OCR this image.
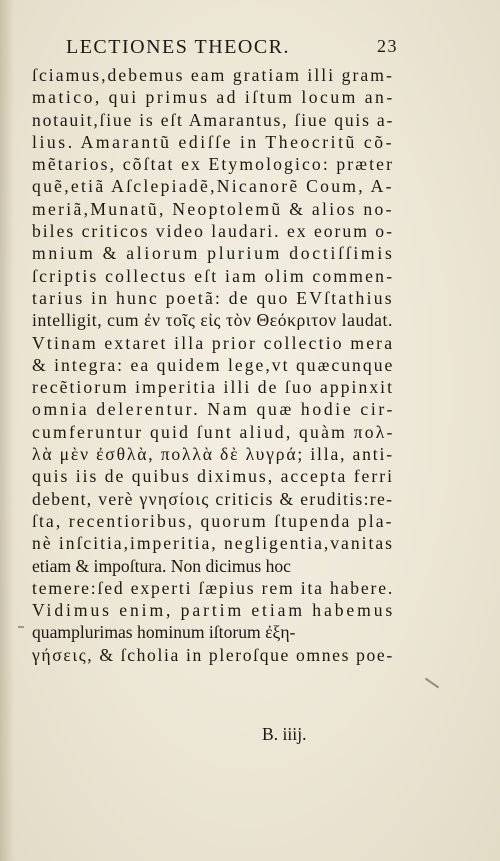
LECTIONES THEOCR.	23
ſciamus,debemus eam gratiam illi gram-
matico, qui primus ad iſtum locum an-
notauit,ſiue is eſt Amarantus, ſiue quis a-
lius. Amarantũ ediſſe in Theocritũ cõ-
mẽtarios, cõſtat ex Etymologico: præter
quẽ,etiã Aſclepiadẽ,Nicanorẽ Coum, A-
meriã,Munatũ, Neoptolemũ & alios no-
biles criticos video laudari. ex eorum o-
mnium & aliorum plurium doctiſſimis
ſcriptis collectus eſt iam olim commen-
tarius in hunc poetã: de quo EVſtathius
intelligit, cum ἐν τοῖς εἰς τὸν Θεόκριτον laudat.
Vtinam extaret illa prior collectio mera
& integra: ea quidem lege,vt quæcunque
recẽtiorum imperitia illi de ſuo appinxit
omnia delerentur. Nam quæ hodie cir-
cumferuntur quid ſunt aliud, quàm πολ-
λὰ μὲν ἐσθλὰ, πολλὰ δὲ λυγρά; illa, anti-
quis iis de quibus diximus, accepta ferri
debent, verè γνησίοις criticis & eruditis:re-
ſta, recentioribus, quorum ſtupenda pla-
nè inſcitia,imperitia, negligentia,vanitas
etiam & impoſtura. Non dicimus hoc
temere:ſed experti ſæpius rem ita habere.
Vidimus enim, partim etiam habemus
quamplurimas hominum iſtorum ἐξη-
γήσεις, & ſcholia in pleroſque omnes poe-
B. iiij.
